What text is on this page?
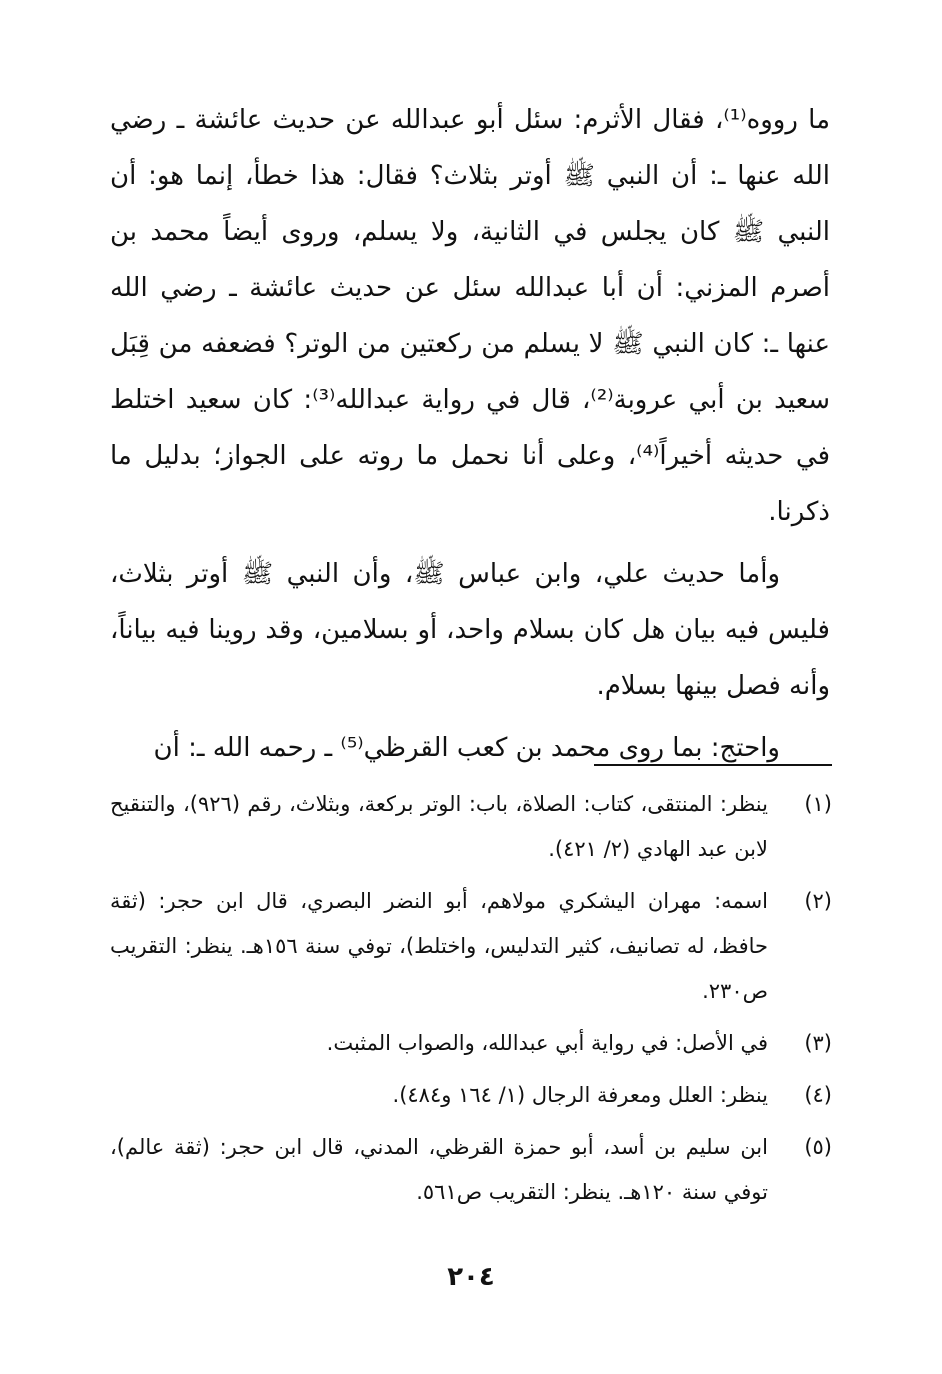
ما رووه⁽¹⁾، فقال الأثرم: سئل أبو عبدالله عن حديث عائشة ـ رضي الله عنها ـ: أن النبي ﷺ أوتر بثلاث؟ فقال: هذا خطأ، إنما هو: أن النبي ﷺ كان يجلس في الثانية، ولا يسلم، وروى أيضاً محمد بن أصرم المزني: أن أبا عبدالله سئل عن حديث عائشة ـ رضي الله عنها ـ: كان النبي ﷺ لا يسلم من ركعتين من الوتر؟ فضعفه من قِبَل سعيد بن أبي عروبة⁽²⁾، قال في رواية عبدالله⁽³⁾: كان سعيد اختلط في حديثه أخيراً⁽⁴⁾، وعلى أنا نحمل ما روته على الجواز؛ بدليل ما ذكرنا.

وأما حديث علي، وابن عباس ﷺ، وأن النبي ﷺ أوتر بثلاث، فليس فيه بيان هل كان بسلام واحد، أو بسلامين، وقد روينا فيه بياناً، وأنه فصل بينها بسلام.

واحتج: بما روى محمد بن كعب القرظي⁽⁵⁾ ـ رحمه الله ـ: أن

(١)
ينظر: المنتقى، كتاب: الصلاة، باب: الوتر بركعة، وبثلاث، رقم (٩٢٦)، والتنقيح لابن عبد الهادي (٢/ ٤٢١).
(٢)
اسمه: مهران اليشكري مولاهم، أبو النضر البصري، قال ابن حجر: (ثقة حافظ، له تصانيف، كثير التدليس، واختلط)، توفي سنة ١٥٦هـ. ينظر: التقريب ص٢٣٠.
(٣)
في الأصل: في رواية أبي عبدالله، والصواب المثبت.
(٤)
ينظر: العلل ومعرفة الرجال (١/ ١٦٤ و٤٨٤).
(٥)
ابن سليم بن أسد، أبو حمزة القرظي، المدني، قال ابن حجر: (ثقة عالم)، توفي سنة ١٢٠هـ. ينظر: التقريب ص٥٦١.
٢٠٤
